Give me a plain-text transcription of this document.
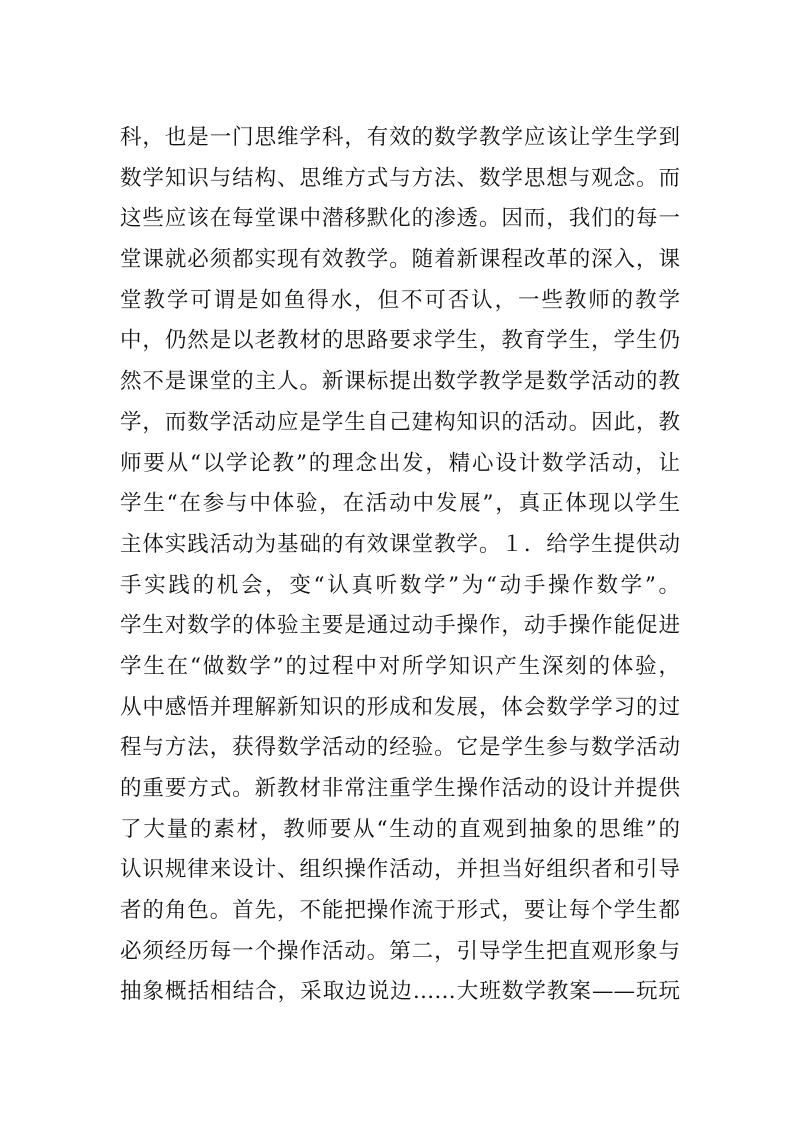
科，也是一门思维学科，有效的数学教学应该让学生学到
数学知识与结构、思维方式与方法、数学思想与观念。而
这些应该在每堂课中潜移默化的渗透。因而，我们的每一
堂课就必须都实现有效教学。随着新课程改革的深入，课
堂教学可谓是如鱼得水，但不可否认，一些教师的教学
中，仍然是以老教材的思路要求学生，教育学生，学生仍
然不是课堂的主人。新课标提出数学教学是数学活动的教
学，而数学活动应是学生自己建构知识的活动。因此，教
师要从“以学论教”的理念出发，精心设计数学活动，让
学生“在参与中体验，在活动中发展”，真正体现以学生
主体实践活动为基础的有效课堂教学。１．给学生提供动
手实践的机会，变“认真听数学”为“动手操作数学”。
学生对数学的体验主要是通过动手操作，动手操作能促进
学生在“做数学”的过程中对所学知识产生深刻的体验，
从中感悟并理解新知识的形成和发展，体会数学学习的过
程与方法，获得数学活动的经验。它是学生参与数学活动
的重要方式。新教材非常注重学生操作活动的设计并提供
了大量的素材，教师要从“生动的直观到抽象的思维”的
认识规律来设计、组织操作活动，并担当好组织者和引导
者的角色。首先，不能把操作流于形式，要让每个学生都
必须经历每一个操作活动。第二，引导学生把直观形象与
抽象概括相结合，采取边说边……大班数学教案——玩玩
